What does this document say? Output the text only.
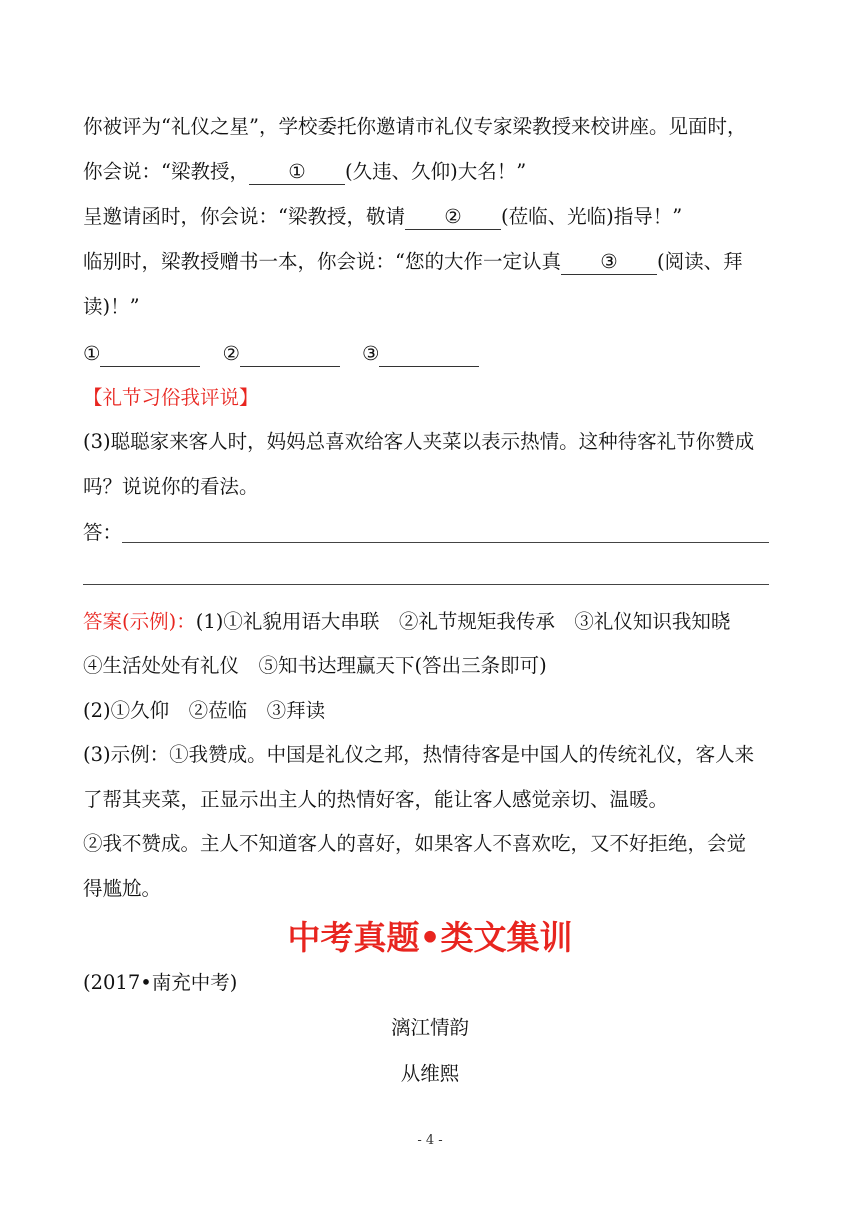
你被评为“礼仪之星”，学校委托你邀请市礼仪专家梁教授来校讲座。见面时，
你会说：“梁教授， ① (久违、久仰)大名！”
呈邀请函时，你会说：“梁教授，敬请 ② (莅临、光临)指导！”
临别时，梁教授赠书一本，你会说：“您的大作一定认真 ③ (阅读、拜
读)！”
①	②	③
【礼节习俗我评说】
(3)聪聪家来客人时，妈妈总喜欢给客人夹菜以表示热情。这种待客礼节你赞成
吗？说说你的看法。
答：
答案(示例)：(1)①礼貌用语大串联　②礼节规矩我传承　③礼仪知识我知晓
④生活处处有礼仪　⑤知书达理赢天下(答出三条即可)
(2)①久仰　②莅临　③拜读
(3)示例：①我赞成。中国是礼仪之邦，热情待客是中国人的传统礼仪，客人来
了帮其夹菜，正显示出主人的热情好客，能让客人感觉亲切、温暖。
②我不赞成。主人不知道客人的喜好，如果客人不喜欢吃，又不好拒绝，会觉
得尴尬。
中考真题•类文集训
(2017•南充中考)
漓江情韵
从维熙
- 4 -
